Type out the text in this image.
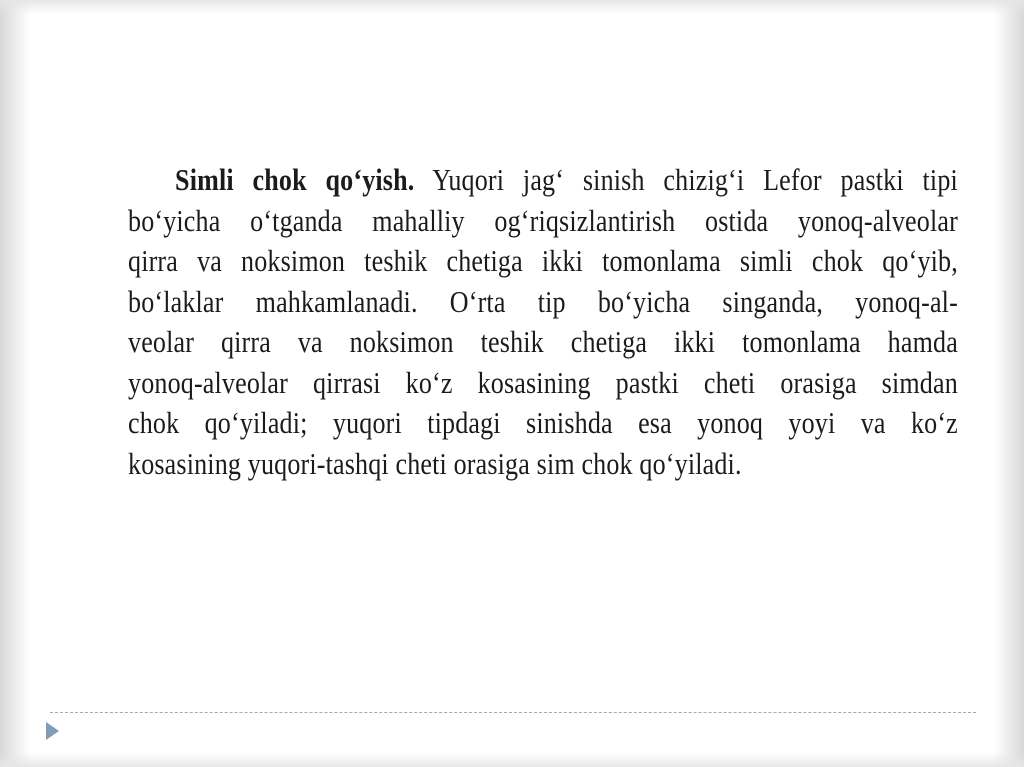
Simli chok qo‘yish. Yuqori jag‘ sinish chizig‘i Lefor pastki tipi
bo‘yicha o‘tganda mahalliy og‘riqsizlantirish ostida yonoq-alveolar
qirra va noksimon teshik chetiga ikki tomonlama simli chok qo‘yib,
bo‘laklar mahkamlanadi. O‘rta tip bo‘yicha singanda, yonoq-al-
veolar qirra va noksimon teshik chetiga ikki tomonlama hamda
yonoq-alveolar qirrasi ko‘z kosasining pastki cheti orasiga simdan
chok qo‘yiladi; yuqori tipdagi sinishda esa yonoq yoyi va ko‘z
kosasining yuqori-tashqi cheti orasiga sim chok qo‘yiladi.
